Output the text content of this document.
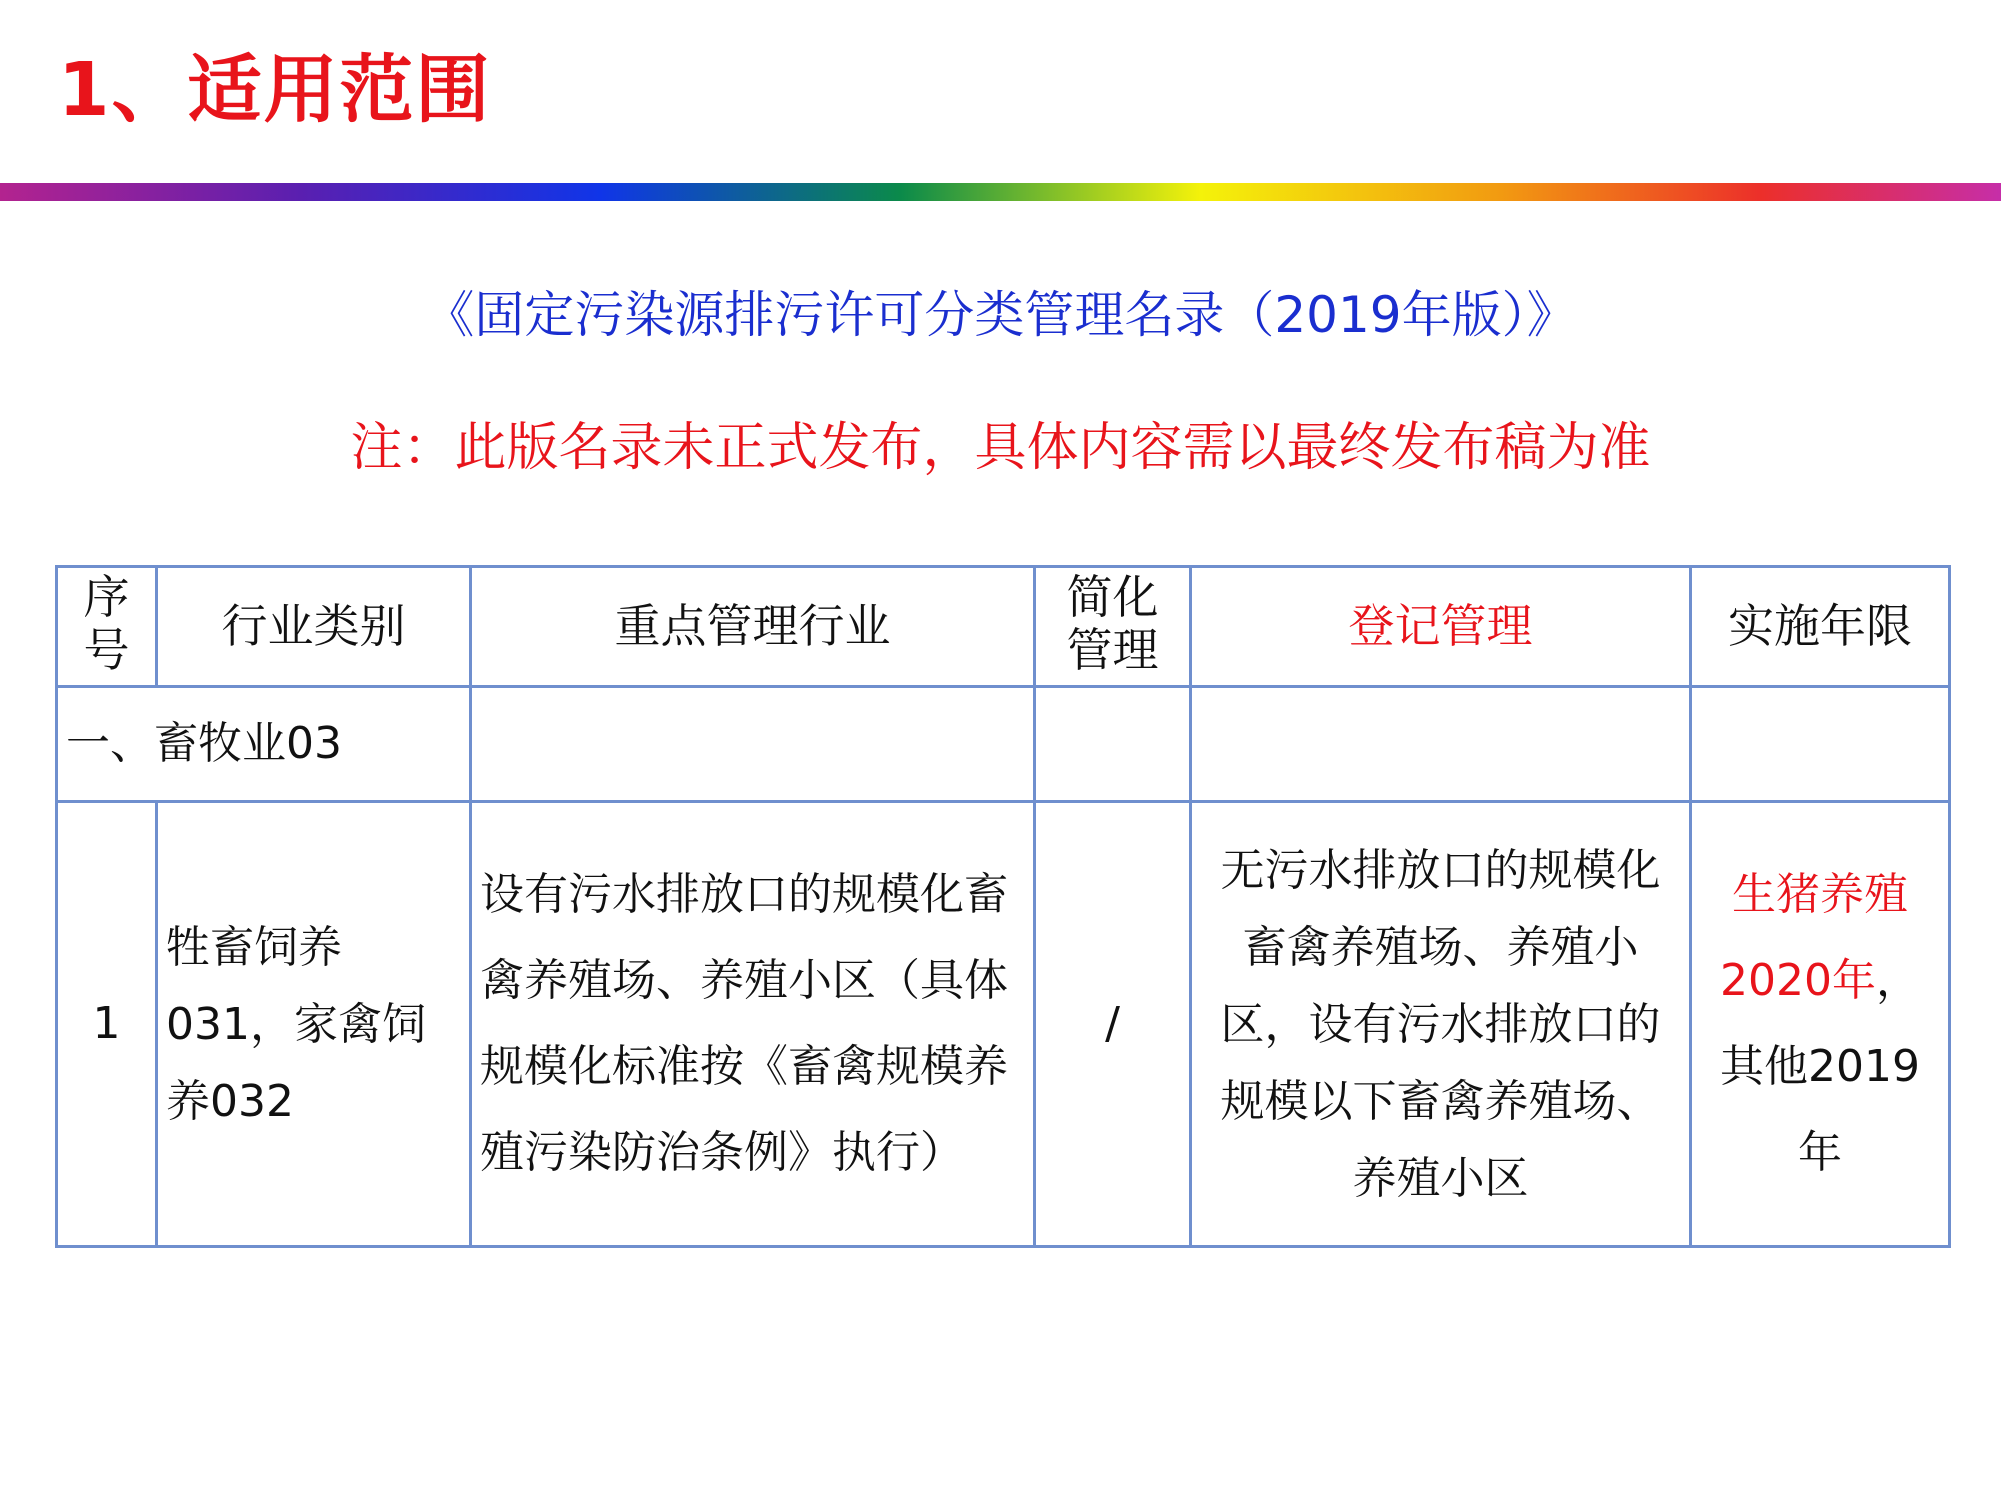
1、适用范围
《固定污染源排污许可分类管理名录（2019年版）》
注：此版名录未正式发布，具体内容需以最终发布稿为准
序号	行业类别	重点管理行业	简化管理	登记管理	实施年限
一、畜牧业03					
1	牲畜饲养031，家禽饲养032	设有污水排放口的规模化畜禽养殖场、养殖小区（具体规模化标准按《畜禽规模养殖污染防治条例》执行）	/	无污水排放口的规模化畜禽养殖场、养殖小区，设有污水排放口的规模以下畜禽养殖场、养殖小区	生猪养殖2020年，其他2019年
